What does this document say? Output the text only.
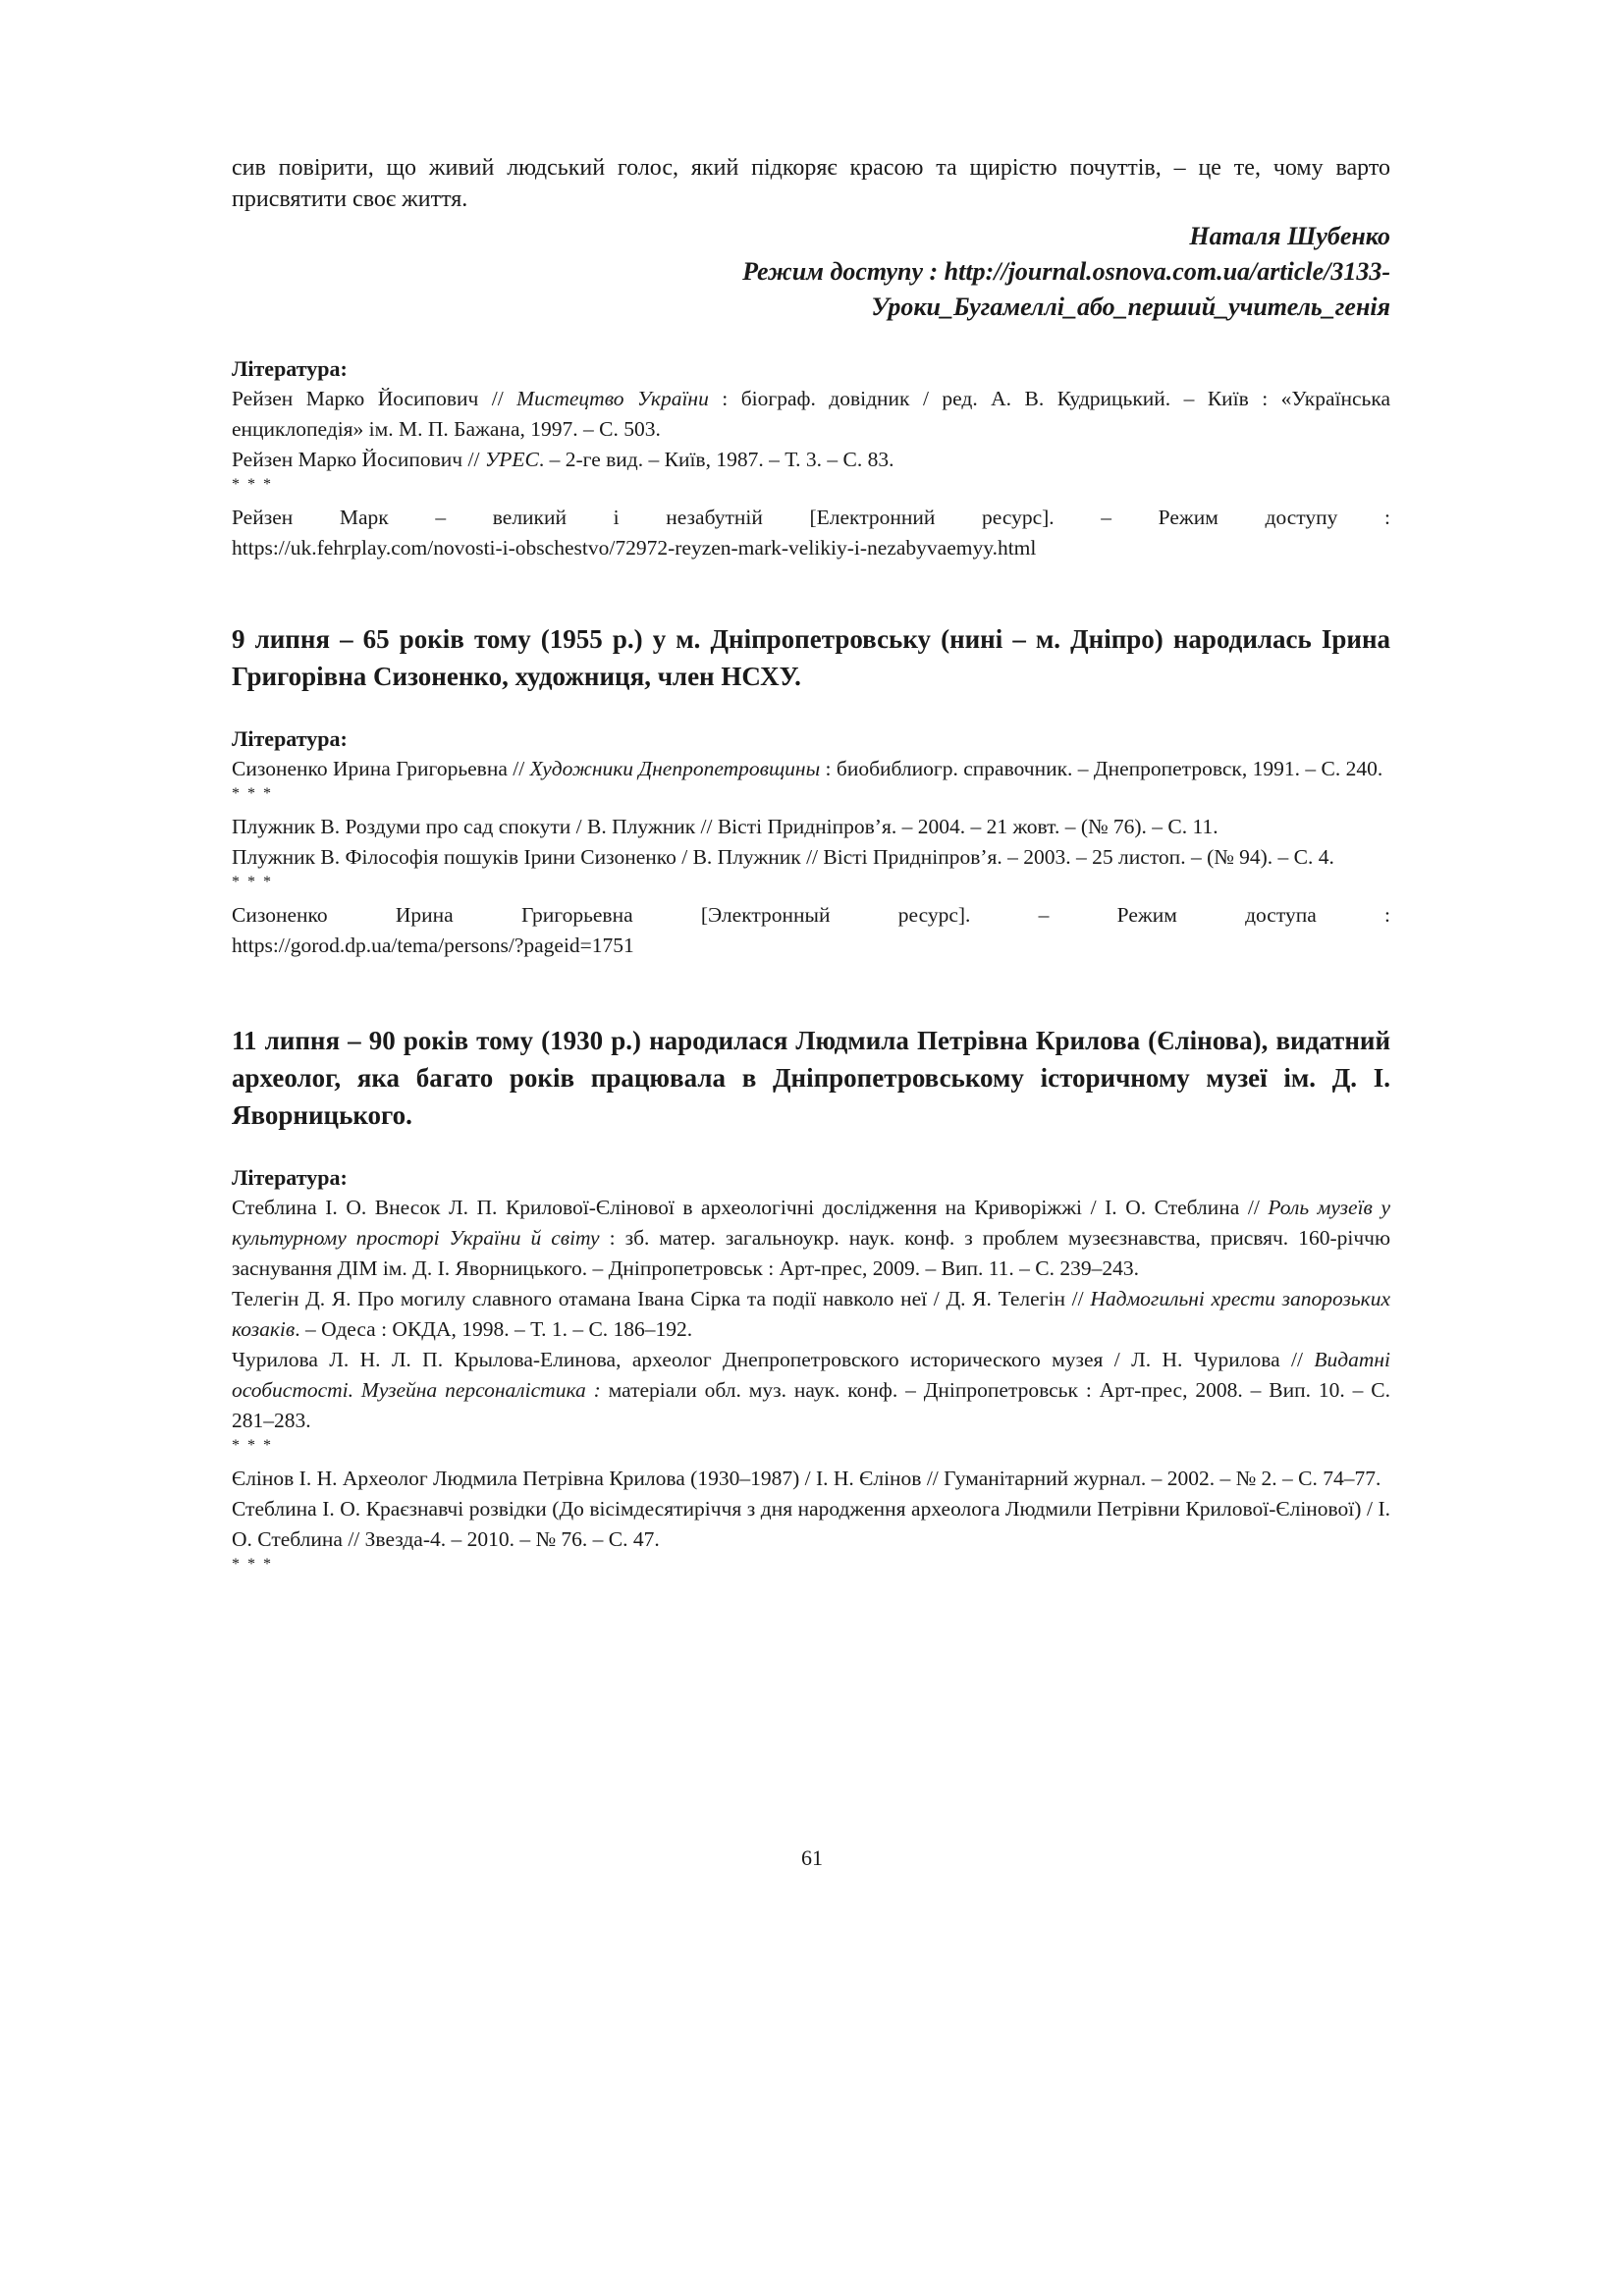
сив повірити, що живий людський голос, який підкоряє красою та щирістю почуттів, – це те, чому варто присвятити своє життя.

Наталя Шубенко
Режим доступу : http://journal.osnova.com.ua/article/3133-
Уроки_Бугамеллі_або_перший_учитель_генія

Література:

Рейзен Марко Йосипович // Мистецтво України : біограф. довідник / ред. А. В. Кудрицький. – Київ : «Українська енциклопедія» ім. М. П. Бажана, 1997. – С. 503.

Рейзен Марко Йосипович // УРЕС. – 2-ге вид. – Київ, 1987. – Т. 3. – С. 83.

* * *

Рейзен Марк – великий і незабутній [Електронний ресурс]. – Режим доступу :

https://uk.fehrplay.com/novosti-i-obschestvo/72972-reyzen-mark-velikiy-i-nezabyvaemyy.html

9 липня – 65 років тому (1955 р.) у м. Дніпропетровську (нині – м. Дніпро) народилась Ірина Григорівна Сизоненко, художниця, член НСХУ.

Література:

Сизоненко Ирина Григорьевна // Художники Днепропетровщины : биобиблиогр. справочник. – Днепропетровск, 1991. – С. 240.

* * *

Плужник В. Роздуми про сад спокути / В. Плужник // Вісті Придніпров’я. – 2004. – 21 жовт. – (№ 76). – С. 11.

Плужник В. Філософія пошуків Ірини Сизоненко / В. Плужник // Вісті Придніпров’я. – 2003. – 25 листоп. – (№ 94). – С. 4.

* * *

Сизоненко Ирина Григорьевна [Электронный ресурс]. – Режим доступа :

https://gorod.dp.ua/tema/persons/?pageid=1751

11 липня – 90 років тому (1930 р.) народилася Людмила Петрівна Крилова (Єлінова), видатний археолог, яка багато років працювала в Дніпропетровському історичному музеї ім. Д. І. Яворницького.

Література:

Стеблина І. О. Внесок Л. П. Крилової-Єлінової в археологічні дослідження на Криворіжжі / І. О. Стеблина // Роль музеїв у культурному просторі України й світу : зб. матер. загальноукр. наук. конф. з проблем музеєзнавства, присвяч. 160-річчю заснування ДІМ ім. Д. І. Яворницького. – Дніпропетровськ : Арт-прес, 2009. – Вип. 11. – С. 239–243.

Телегін Д. Я. Про могилу славного отамана Івана Сірка та події навколо неї / Д. Я. Телегін // Надмогильні хрести запорозьких козаків. – Одеса : ОКДА, 1998. – Т. 1. – С. 186–192.

Чурилова Л. Н. Л. П. Крылова-Елинова, археолог Днепропетровского исторического музея / Л. Н. Чурилова // Видатні особистості. Музейна персоналістика : матеріали обл. муз. наук. конф. – Дніпропетровськ : Арт-прес, 2008. – Вип. 10. – С. 281–283.

* * *

Єлінов І. Н. Археолог Людмила Петрівна Крилова (1930–1987) / І. Н. Єлінов // Гуманітарний журнал. – 2002. – № 2. – С. 74–77.

Стеблина І. О. Краєзнавчі розвідки (До вісімдесятиріччя з дня народження археолога Людмили Петрівни Крилової-Єлінової) / І. О. Стеблина // Звезда-4. – 2010. – № 76. – С. 47.

* * *

61
